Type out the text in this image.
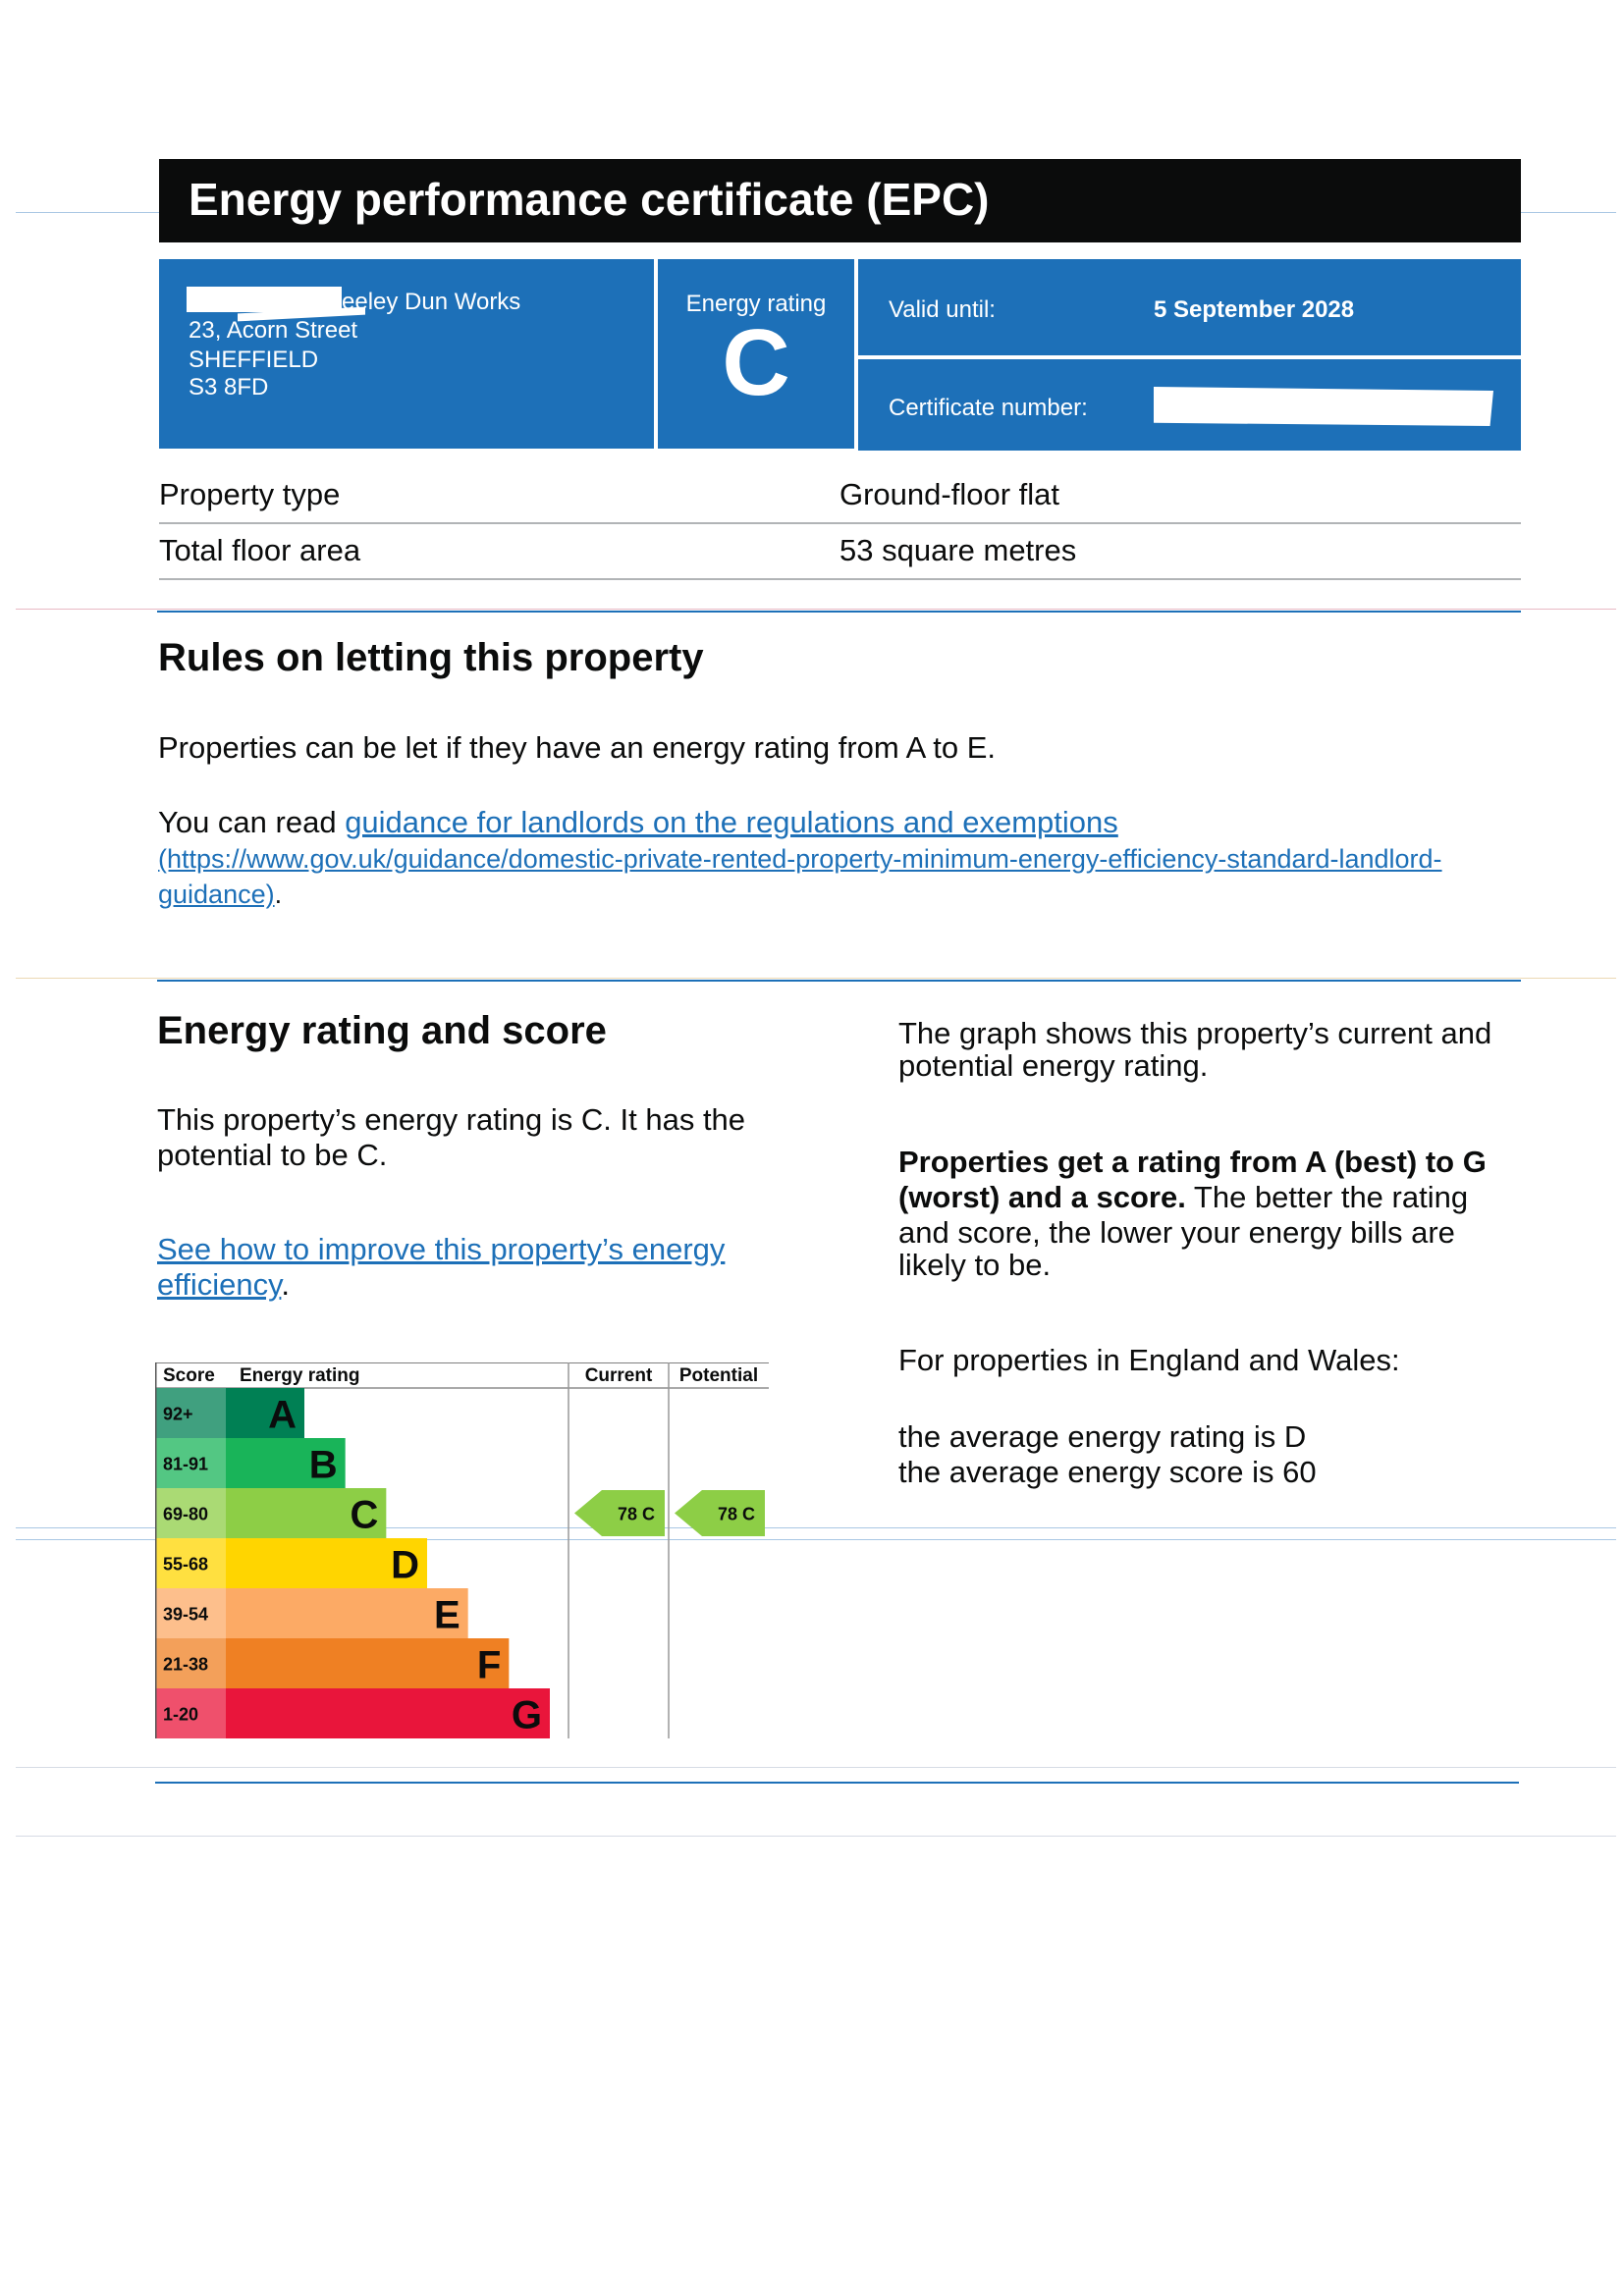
Energy performance certificate (EPC)
Beeley Dun Works
23, Acorn Street
SHEFFIELD
S3 8FD
Energy rating
C
Valid until:	5 September 2028
Certificate number:
Property type	Ground-floor flat
Total floor area	53 square metres
Rules on letting this property
Properties can be let if they have an energy rating from A to E.
You can read guidance for landlords on the regulations and exemptions
(https://www.gov.uk/guidance/domestic-private-rented-property-minimum-energy-efficiency-standard-landlord-
guidance).
Energy rating and score
This property’s energy rating is C. It has the
potential to be C.
See how to improve this property’s energy
efficiency.
The graph shows this property’s current and
potential energy rating.
Properties get a rating from A (best) to G
(worst) and a score. The better the rating
and score, the lower your energy bills are
likely to be.
For properties in England and Wales:
the average energy rating is D
the average energy score is 60
Score Energy rating	Current Potential
92+ A
81-91	B
69-80	C
55-68	D
39-54	E
21-38	F
1-20	G
78 C	78 C
